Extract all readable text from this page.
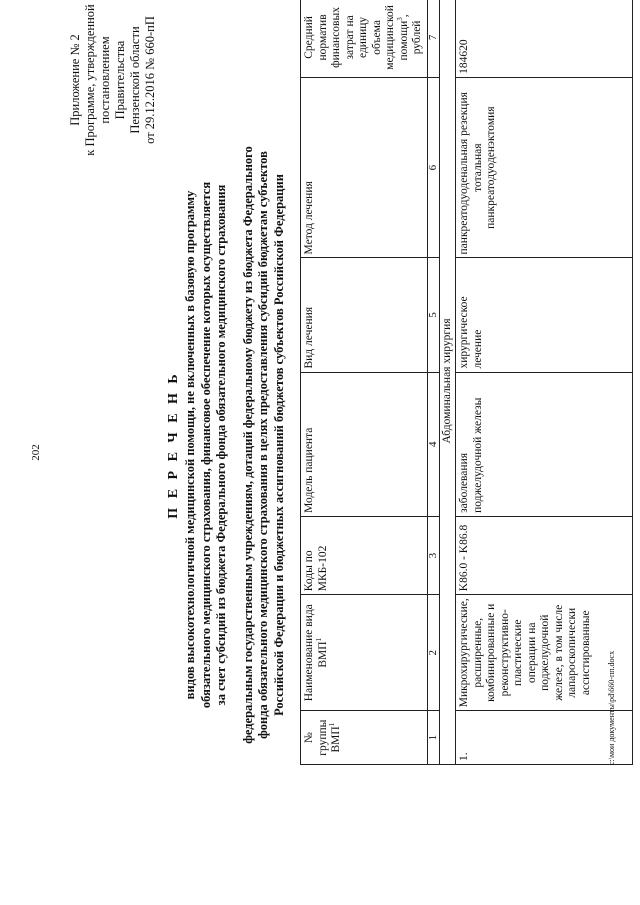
202
Приложение № 2 к Программе, утвержденной постановлением Правительства Пензенской области от 29.12.2016 № 660-пП
П Е Р Е Ч Е Н Ь видов высокотехнологичной медицинской помощи, не включенных в базовую программу обязательного медицинского страхования, финансовое обеспечение которых осуществляется за счет субсидий из бюджета Федерального фонда обязательного медицинского страхования федеральным государственным учреждениям, дотаций федеральному бюджету из бюджета Федерального фонда обязательного медицинского страхования в целях предоставления субсидий бюджетам субъектов Российской Федерации и бюджетных ассигнований бюджетов субъектов Российской Федерации
№ группы ВМП$^1$	Наименование вида ВМП$^1$	Коды по МКБ-102	Модель пациента	Вид лечения	Метод лечения	Средний норматив финансовых затрат на единицу объема медицинской помощи$^3$, рублей
1	2	3	4	5	6	7
Абдоминальная хирургия						
1.	Микрохирургические, расширенные, комбинированные и реконструктивно-пластические операции на поджелудочной железе, в том числе лапароскопически ассистированные	K86.0 - K86.8	заболевания поджелудочной железы	хирургическое лечение	панкреатодуоденальная резекция тотальная панкреатодуоденэктомия	184620
c:\мои документы\pd\660-пп.docx
